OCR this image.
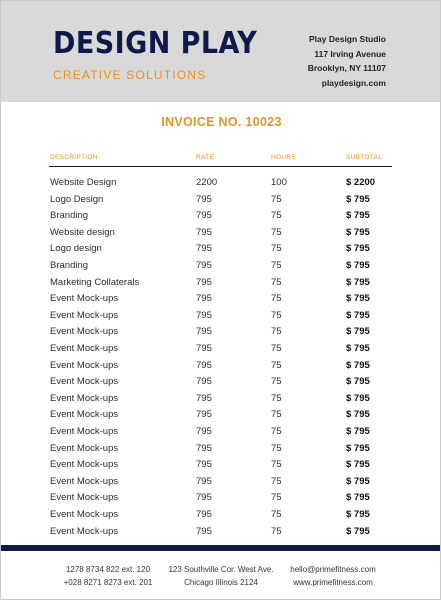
DESIGN PLAY
CREATIVE SOLUTIONS
Play Design Studio
117 Irving Avenue
Brooklyn, NY 11107
playdesign.com
INVOICE NO. 10023
DESCRIPTION	RATE	HOURS	SUBTOTAL
Website Design	2200	100	$ 2200
Logo Design	795	75	$ 795
Branding	795	75	$ 795
Website design	795	75	$ 795
Logo design	795	75	$ 795
Branding	795	75	$ 795
Marketing Collaterals	795	75	$ 795
Event Mock-ups	795	75	$ 795
Event Mock-ups	795	75	$ 795
Event Mock-ups	795	75	$ 795
Event Mock-ups	795	75	$ 795
Event Mock-ups	795	75	$ 795
Event Mock-ups	795	75	$ 795
Event Mock-ups	795	75	$ 795
Event Mock-ups	795	75	$ 795
Event Mock-ups	795	75	$ 795
Event Mock-ups	795	75	$ 795
Event Mock-ups	795	75	$ 795
Event Mock-ups	795	75	$ 795
Event Mock-ups	795	75	$ 795
Event Mock-ups	795	75	$ 795
Event Mock-ups	795	75	$ 795
1278 8734 822 ext. 120
+028 8271 8273 ext. 201
123 Southville Cor. West Ave.
Chicago Illinois 2124
hello@primefitness.com
www.primefitness.com
